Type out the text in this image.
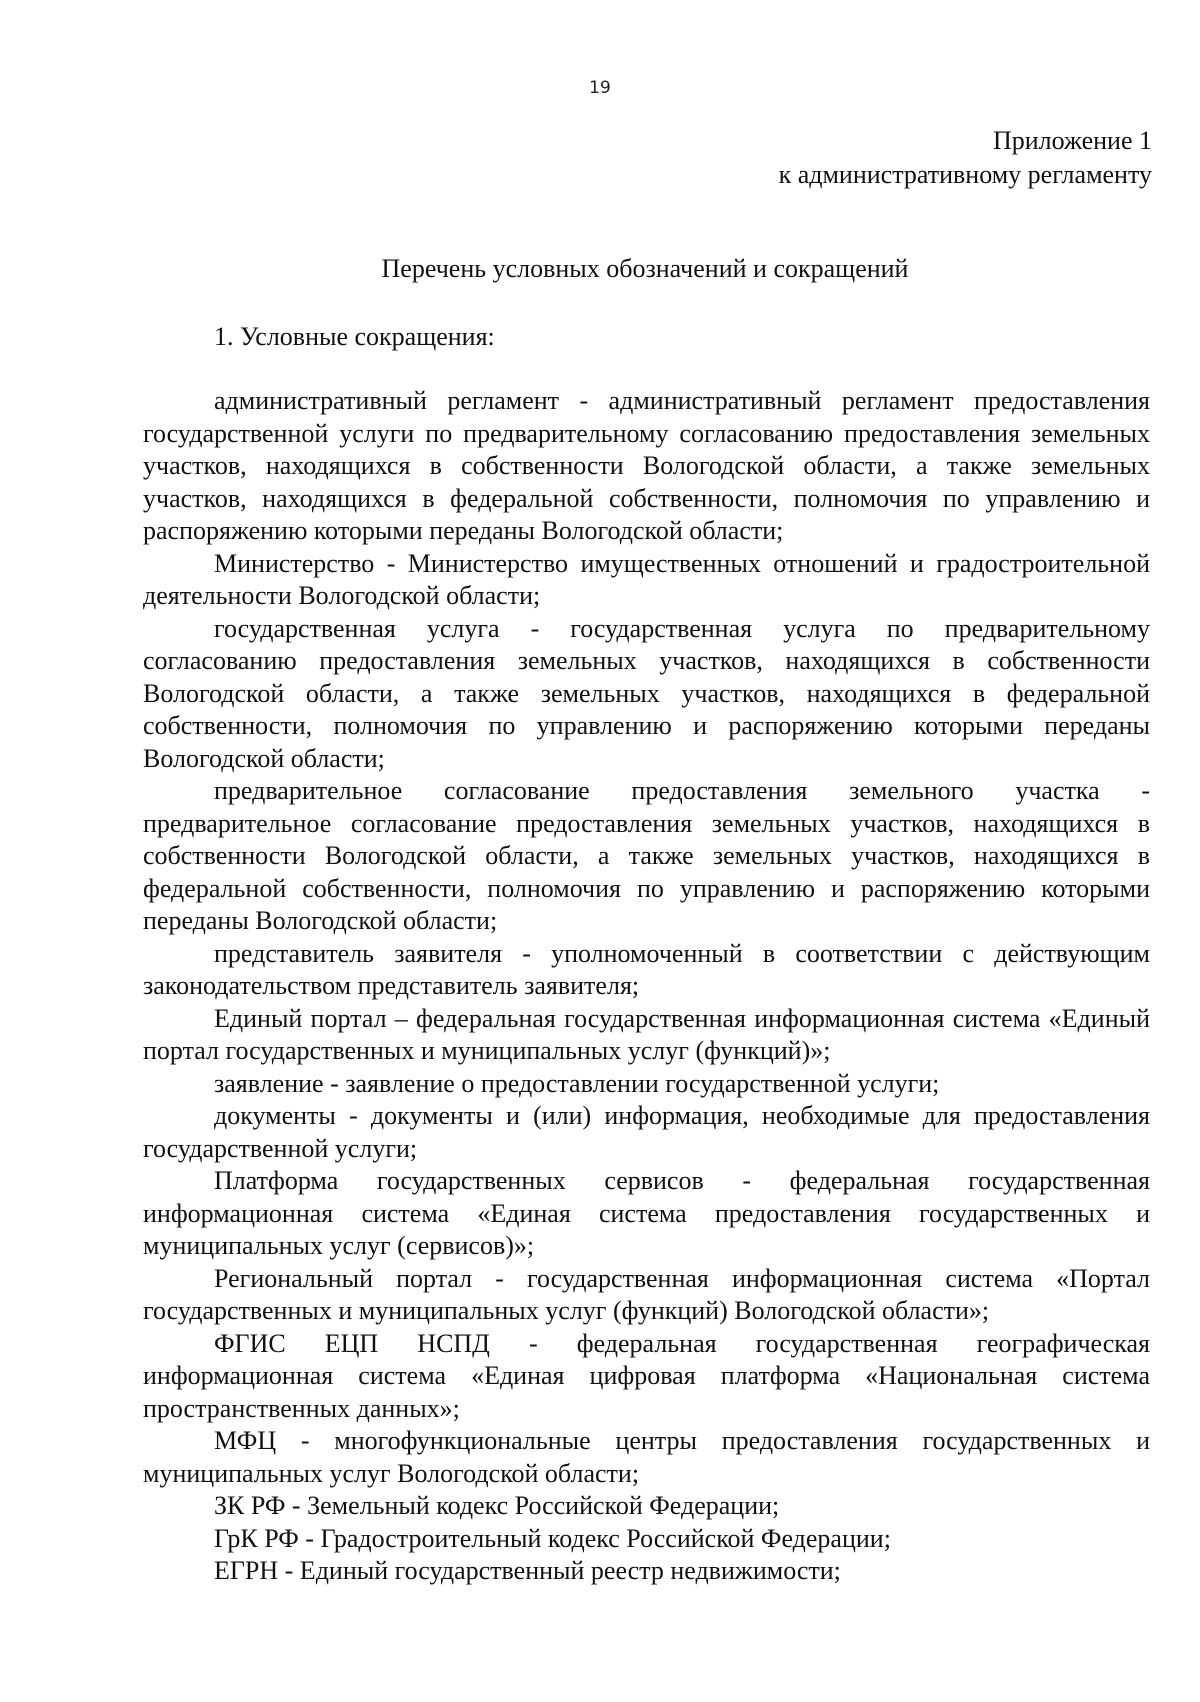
19
Приложение 1
к административному регламенту
Перечень условных обозначений и сокращений
1. Условные сокращения:

административный регламент - административный регламент предоставления государственной услуги по предварительному согласованию предоставления земельных участков, находящихся в собственности Вологодской области, а также земельных участков, находящихся в федеральной собственности, полномочия по управлению и распоряжению которыми переданы Вологодской области;

Министерство - Министерство имущественных отношений и градостроительной деятельности Вологодской области;

государственная услуга - государственная услуга по предварительному согласованию предоставления земельных участков, находящихся в собственности Вологодской области, а также земельных участков, находящихся в федеральной собственности, полномочия по управлению и распоряжению которыми переданы Вологодской области;

предварительное согласование предоставления земельного участка - предварительное согласование предоставления земельных участков, находящихся в собственности Вологодской области, а также земельных участков, находящихся в федеральной собственности, полномочия по управлению и распоряжению которыми переданы Вологодской области;

представитель заявителя - уполномоченный в соответствии с действующим законодательством представитель заявителя;

Единый портал – федеральная государственная информационная система «Единый портал государственных и муниципальных услуг (функций)»;

заявление - заявление о предоставлении государственной услуги;

документы - документы и (или) информация, необходимые для предоставления государственной услуги;

Платформа государственных сервисов - федеральная государственная информационная система «Единая система предоставления государственных и муниципальных услуг (сервисов)»;

Региональный портал - государственная информационная система «Портал государственных и муниципальных услуг (функций) Вологодской области»;

ФГИС ЕЦП НСПД - федеральная государственная географическая информационная система «Единая цифровая платформа «Национальная система пространственных данных»;

МФЦ - многофункциональные центры предоставления государственных и муниципальных услуг Вологодской области;

ЗК РФ - Земельный кодекс Российской Федерации;

ГрК РФ - Градостроительный кодекс Российской Федерации;

ЕГРН - Единый государственный реестр недвижимости;
